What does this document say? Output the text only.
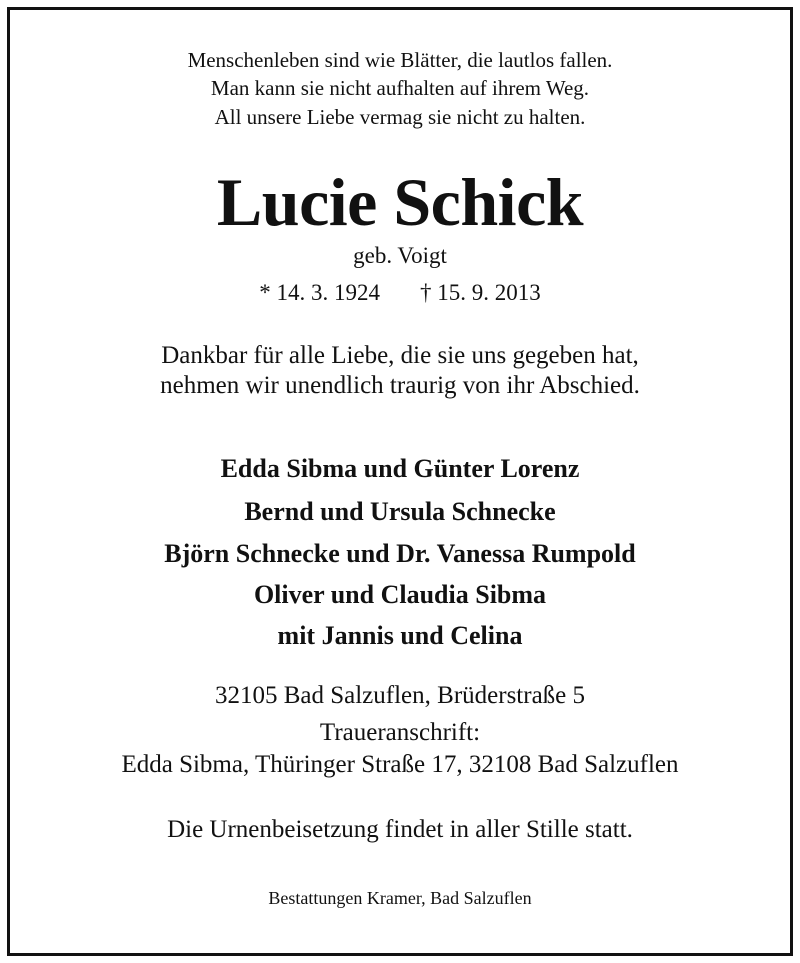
Menschenleben sind wie Blätter, die lautlos fallen.

Man kann sie nicht aufhalten auf ihrem Weg.

All unsere Liebe vermag sie nicht zu halten.

Lucie Schick

geb. Voigt

* 14. 3. 1924 † 15. 9. 2013

Dankbar für alle Liebe, die sie uns gegeben hat,

nehmen wir unendlich traurig von ihr Abschied.

Edda Sibma und Günter Lorenz

Bernd und Ursula Schnecke

Björn Schnecke und Dr. Vanessa Rumpold

Oliver und Claudia Sibma

mit Jannis und Celina

32105 Bad Salzuflen, Brüderstraße 5

Traueranschrift:

Edda Sibma, Thüringer Straße 17, 32108 Bad Salzuflen

Die Urnenbeisetzung findet in aller Stille statt.

Bestattungen Kramer, Bad Salzuflen
